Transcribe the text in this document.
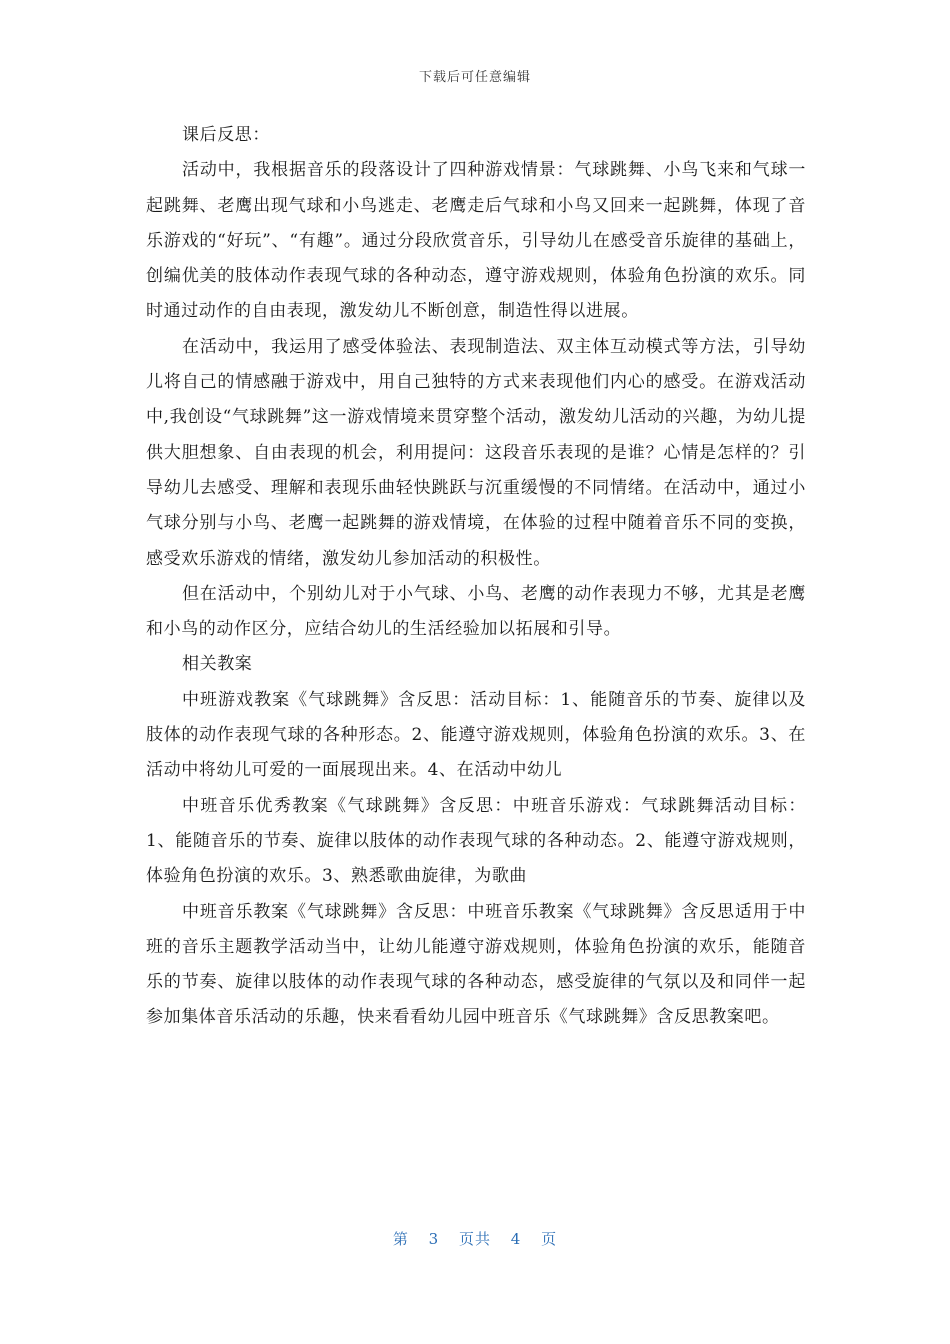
下载后可任意编辑

课后反思：

活动中，我根据音乐的段落设计了四种游戏情景：气球跳舞、小鸟飞来和气球一起跳舞、老鹰出现气球和小鸟逃走、老鹰走后气球和小鸟又回来一起跳舞，体现了音乐游戏的“好玩”、“有趣”。通过分段欣赏音乐，引导幼儿在感受音乐旋律的基础上，创编优美的肢体动作表现气球的各种动态，遵守游戏规则，体验角色扮演的欢乐。同时通过动作的自由表现，激发幼儿不断创意，制造性得以进展。

在活动中，我运用了感受体验法、表现制造法、双主体互动模式等方法，引导幼儿将自己的情感融于游戏中，用自己独特的方式来表现他们内心的感受。在游戏活动中,我创设“气球跳舞”这一游戏情境来贯穿整个活动，激发幼儿活动的兴趣，为幼儿提供大胆想象、自由表现的机会，利用提问：这段音乐表现的是谁？心情是怎样的？引导幼儿去感受、理解和表现乐曲轻快跳跃与沉重缓慢的不同情绪。在活动中，通过小气球分别与小鸟、老鹰一起跳舞的游戏情境，在体验的过程中随着音乐不同的变换，感受欢乐游戏的情绪，激发幼儿参加活动的积极性。

但在活动中，个别幼儿对于小气球、小鸟、老鹰的动作表现力不够，尤其是老鹰和小鸟的动作区分，应结合幼儿的生活经验加以拓展和引导。

相关教案

中班游戏教案《气球跳舞》含反思：活动目标：1、能随音乐的节奏、旋律以及肢体的动作表现气球的各种形态。2、能遵守游戏规则，体验角色扮演的欢乐。3、在活动中将幼儿可爱的一面展现出来。4、在活动中幼儿

中班音乐优秀教案《气球跳舞》含反思：中班音乐游戏：气球跳舞活动目标：1、能随音乐的节奏、旋律以肢体的动作表现气球的各种动态。2、能遵守游戏规则，体验角色扮演的欢乐。3、熟悉歌曲旋律，为歌曲

中班音乐教案《气球跳舞》含反思：中班音乐教案《气球跳舞》含反思适用于中班的音乐主题教学活动当中，让幼儿能遵守游戏规则，体验角色扮演的欢乐，能随音乐的节奏、旋律以肢体的动作表现气球的各种动态，感受旋律的气氛以及和同伴一起参加集体音乐活动的乐趣，快来看看幼儿园中班音乐《气球跳舞》含反思教案吧。

第 3 页共 4 页
